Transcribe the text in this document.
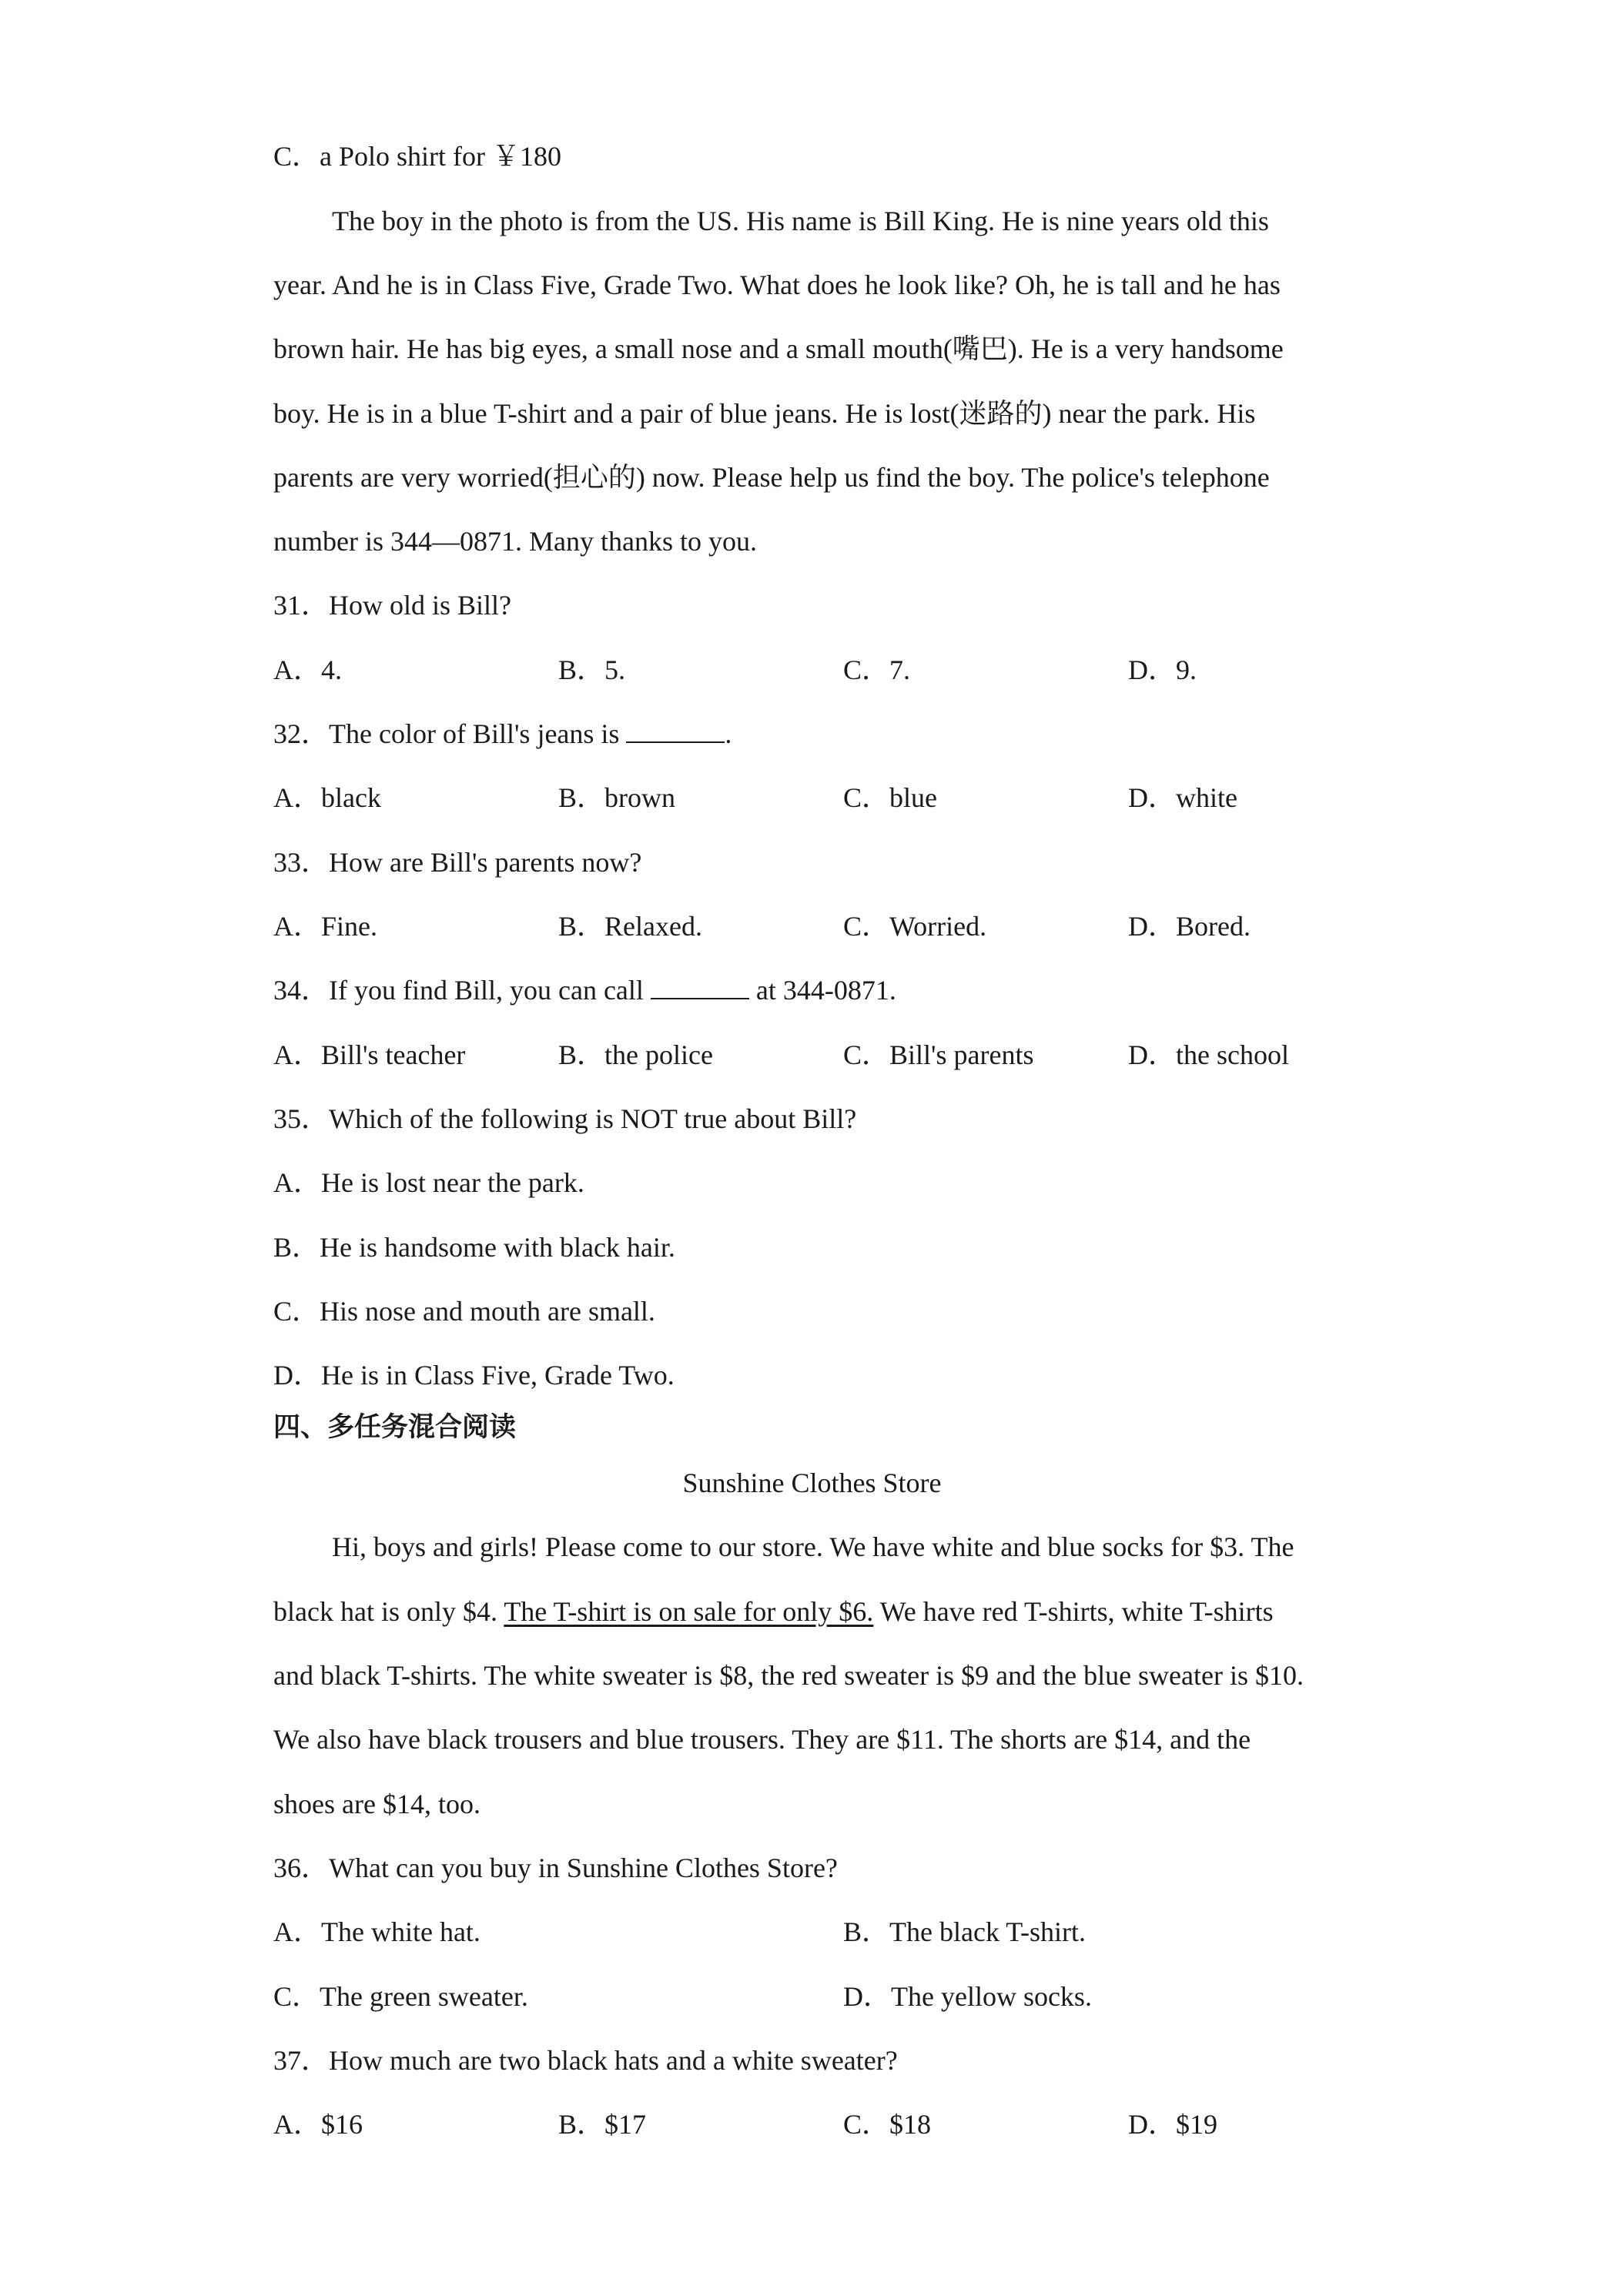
C．a Polo shirt for ￥180
The boy in the photo is from the US. His name is Bill King. He is nine years old this
year. And he is in Class Five, Grade Two. What does he look like? Oh, he is tall and he has
brown hair. He has big eyes, a small nose and a small mouth(嘴巴). He is a very handsome
boy. He is in a blue T-shirt and a pair of blue jeans. He is lost(迷路的) near the park. His
parents are very worried(担心的) now. Please help us find the boy. The police's telephone
number is 344—0871. Many thanks to you.
31．How old is Bill?
A．4.	B．5.	C．7.	D．9.
32．The color of Bill's jeans is	.
A．black	B．brown	C．blue	D．white
33．How are Bill's parents now?
A．Fine.	B．Relaxed.	C．Worried.	D．Bored.
34．If you find Bill, you can call	at 344-0871.
A．Bill's teacher	B．the police	C．Bill's parents	D．the school
35．Which of the following is NOT true about Bill?
A．He is lost near the park.
B．He is handsome with black hair.
C．His nose and mouth are small.
D．He is in Class Five, Grade Two.
四、多任务混合阅读
Sunshine Clothes Store
Hi, boys and girls! Please come to our store. We have white and blue socks for $3. The
black hat is only $4. The T-shirt is on sale for only $6. We have red T-shirts, white T-shirts
and black T-shirts. The white sweater is $8, the red sweater is $9 and the blue sweater is $10.
We also have black trousers and blue trousers. They are $11. The shorts are $14, and the
shoes are $14, too.
36．What can you buy in Sunshine Clothes Store?
A．The white hat.	B．The black T-shirt.
C．The green sweater.	D．The yellow socks.
37．How much are two black hats and a white sweater?
A．$16	B．$17	C．$18	D．$19
